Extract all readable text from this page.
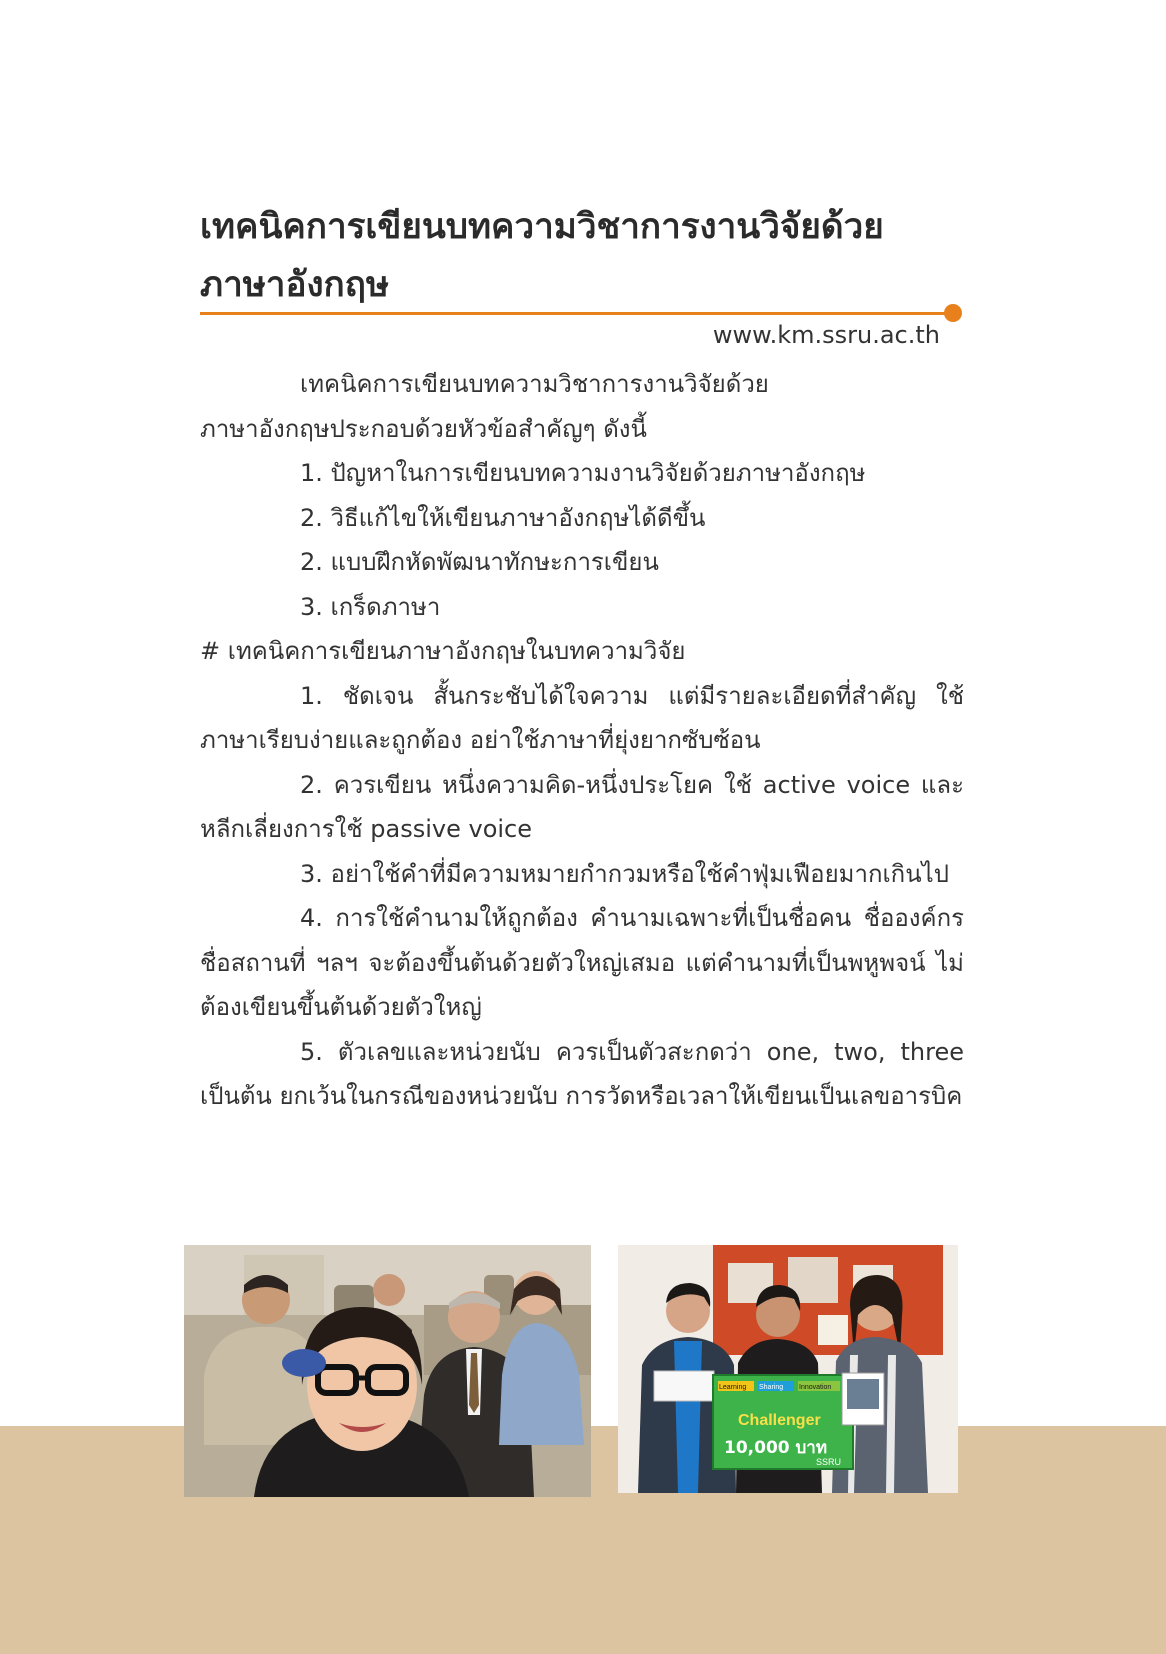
เทคนิคการเขียนบทความวิชาการงานวิจัยด้วย
ภาษาอังกฤษ
www.km.ssru.ac.th

เทคนิคการเขียนบทความวิชาการงานวิจัยด้วย

ภาษาอังกฤษประกอบด้วยหัวข้อสำคัญๆ ดังนี้

1. ปัญหาในการเขียนบทความงานวิจัยด้วยภาษาอังกฤษ

2. วิธีแก้ไขให้เขียนภาษาอังกฤษได้ดีขึ้น

2. แบบฝึกหัดพัฒนาทักษะการเขียน

3. เกร็ดภาษา

# เทคนิคการเขียนภาษาอังกฤษในบทความวิจัย

1. ชัดเจน สั้นกระชับได้ใจความ แต่มีรายละเอียดที่สำคัญ ใช้ภาษาเรียบง่ายและถูกต้อง อย่าใช้ภาษาที่ยุ่งยากซับซ้อน

2. ควรเขียน หนึ่งความคิด-หนึ่งประโยค ใช้ active voice และหลีกเลี่ยงการใช้ passive voice

3. อย่าใช้คำที่มีความหมายกำกวมหรือใช้คำฟุ่มเฟือยมากเกินไป

4. การใช้คำนามให้ถูกต้อง คำนามเฉพาะที่เป็นชื่อคน ชื่อองค์กร ชื่อสถานที่ ฯลฯ จะต้องขึ้นต้นด้วยตัวใหญ่เสมอ แต่คำนามที่เป็นพหูพจน์ ไม่ต้องเขียนขึ้นต้นด้วยตัวใหญ่

5. ตัวเลขและหน่วยนับ ควรเป็นตัวสะกดว่า one, two, three เป็นต้น ยกเว้นในกรณีของหน่วยนับ การวัดหรือเวลาให้เขียนเป็นเลขอารบิค

Learning Sharing Innovation
Challenger
10,000 บาท
SSRU
